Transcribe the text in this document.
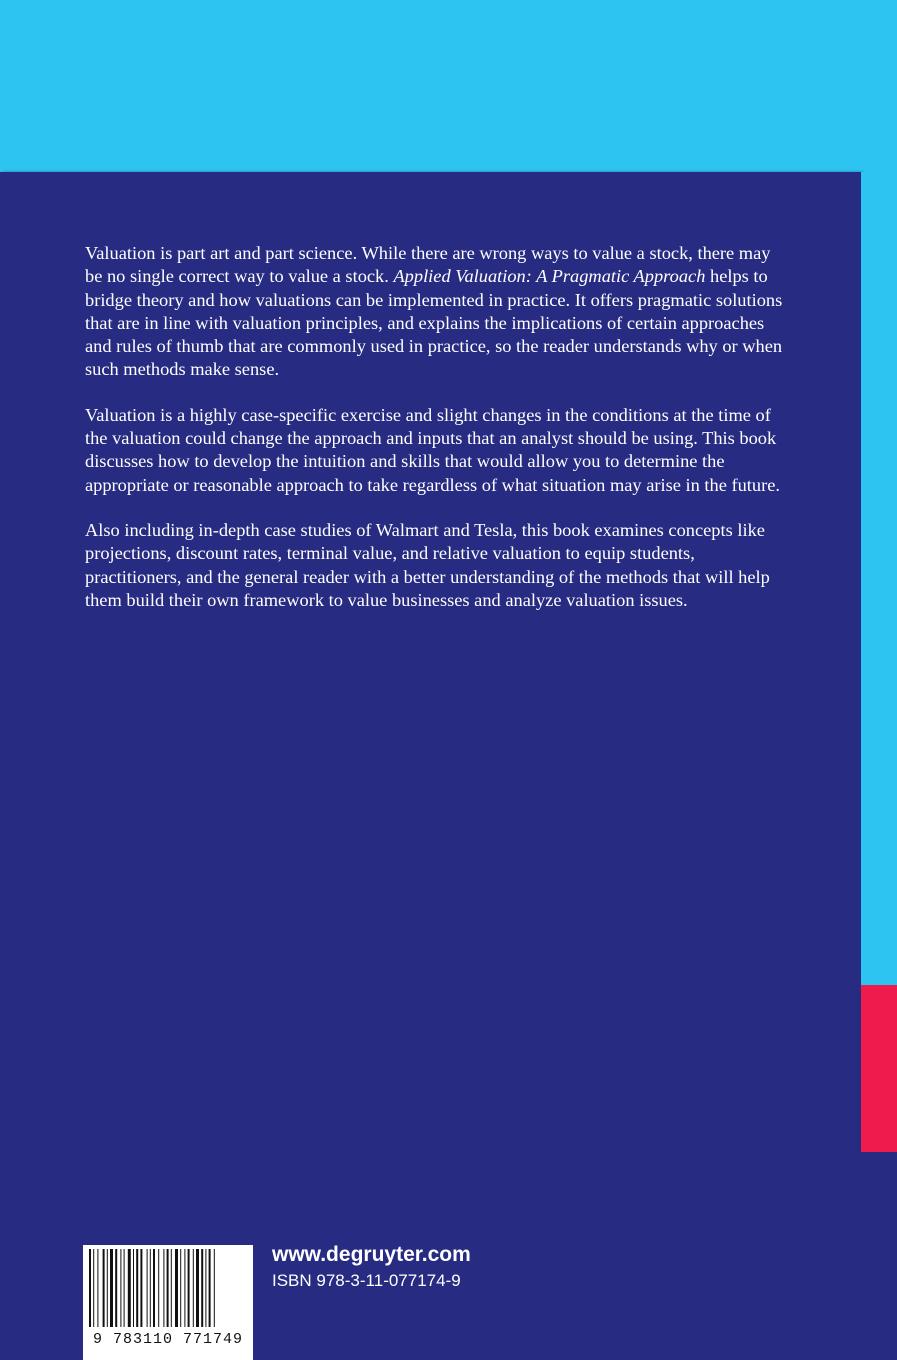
Valuation is part art and part science. While there are wrong ways to value a stock, there may be no single correct way to value a stock. Applied Valuation: A Pragmatic Approach helps to bridge theory and how valuations can be implemented in practice. It offers pragmatic solutions that are in line with valuation principles, and explains the implications of certain approaches and rules of thumb that are commonly used in practice, so the reader understands why or when such methods make sense.

Valuation is a highly case-specific exercise and slight changes in the conditions at the time of the valuation could change the approach and inputs that an analyst should be using. This book discusses how to develop the intuition and skills that would allow you to determine the appropriate or reasonable approach to take regardless of what situation may arise in the future.

Also including in-depth case studies of Walmart and Tesla, this book examines concepts like projections, discount rates, terminal value, and relative valuation to equip students, practitioners, and the general reader with a better understanding of the methods that will help them build their own framework to value businesses and analyze valuation issues.

9 783110 771749
www.degruyter.com
ISBN 978-3-11-077174-9
